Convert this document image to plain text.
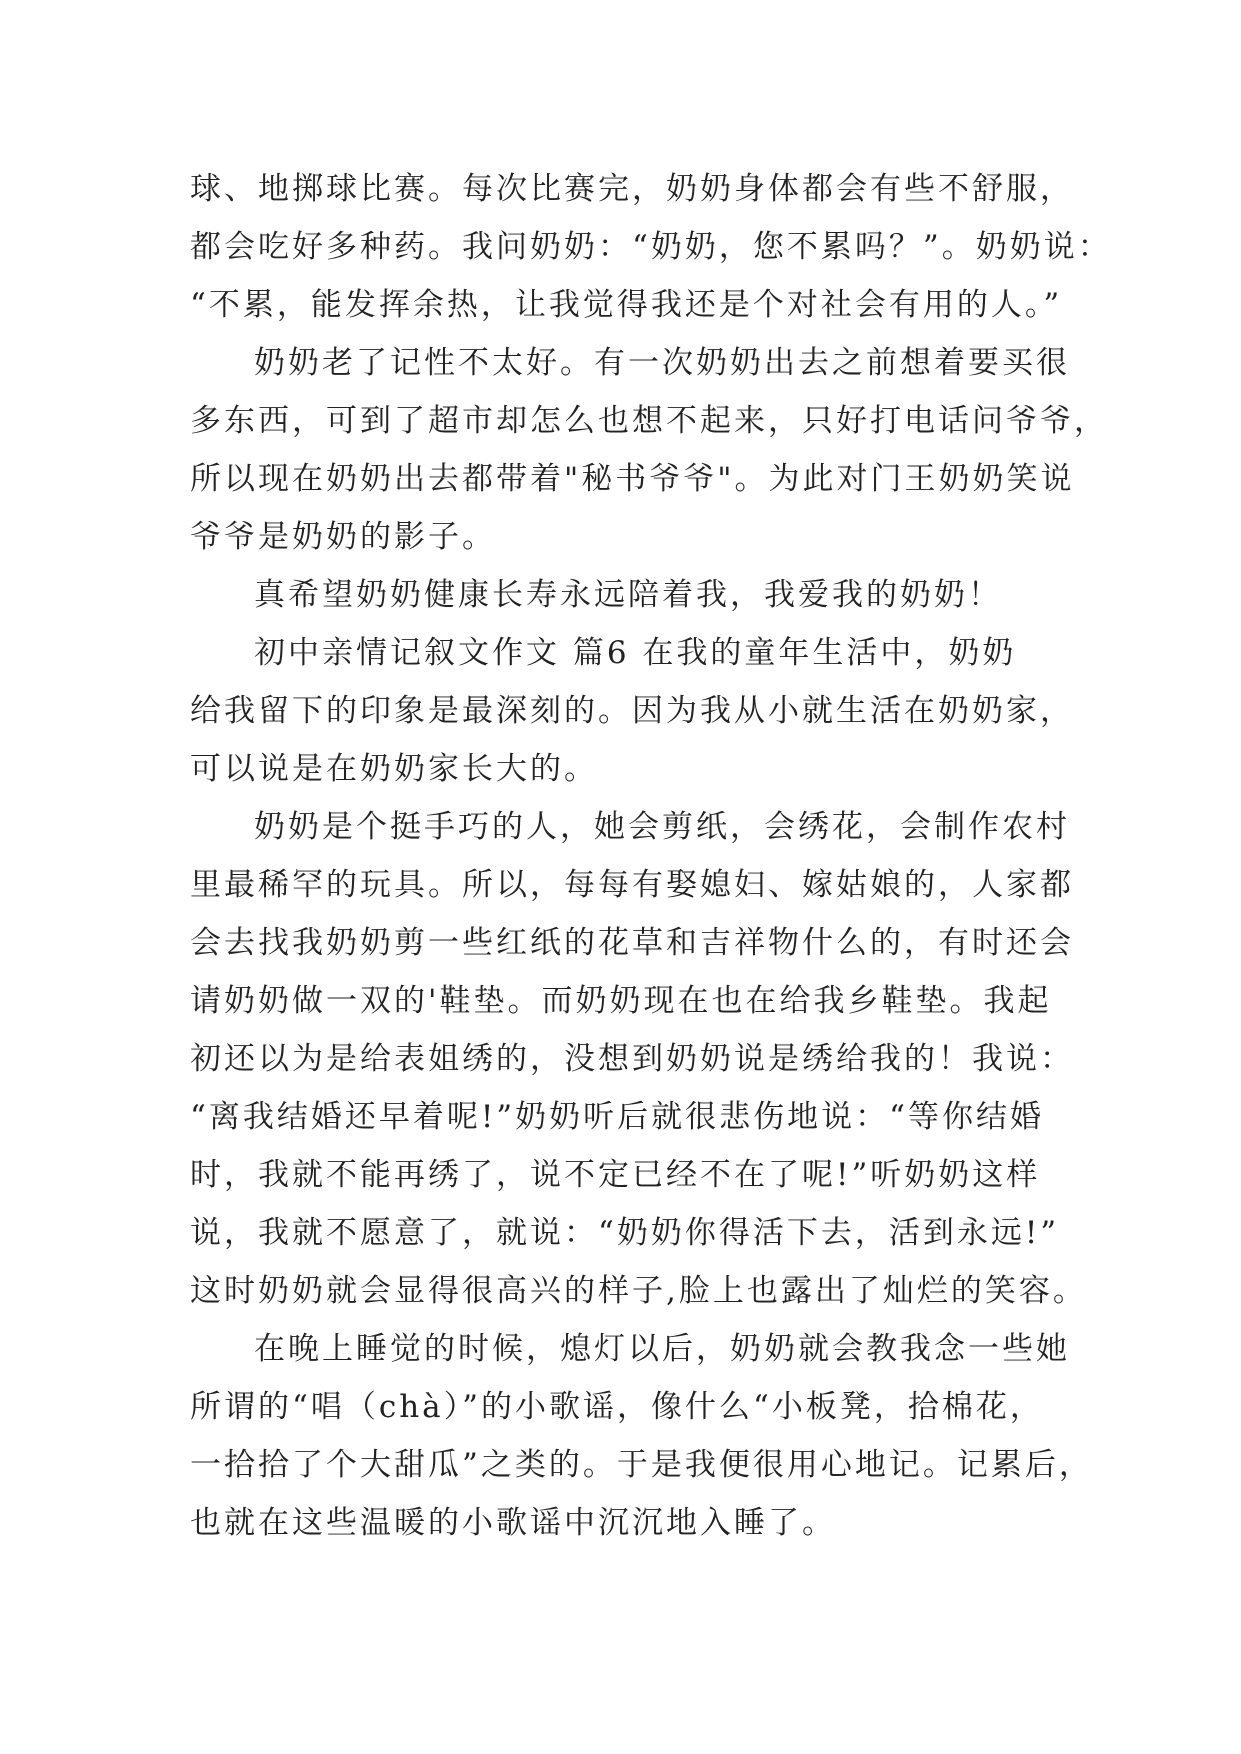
球、地掷球比赛。每次比赛完，奶奶身体都会有些不舒服，
都会吃好多种药。我问奶奶：“奶奶，您不累吗？”。奶奶说：
“不累，能发挥余热，让我觉得我还是个对社会有用的人。”
奶奶老了记性不太好。有一次奶奶出去之前想着要买很
多东西，可到了超市却怎么也想不起来，只好打电话问爷爷，
所以现在奶奶出去都带着"秘书爷爷"。为此对门王奶奶笑说
爷爷是奶奶的影子。
真希望奶奶健康长寿永远陪着我，我爱我的奶奶！
初中亲情记叙文作文 篇6 在我的童年生活中，奶奶
给我留下的印象是最深刻的。因为我从小就生活在奶奶家，
可以说是在奶奶家长大的。
奶奶是个挺手巧的人，她会剪纸，会绣花，会制作农村
里最稀罕的玩具。所以，每每有娶媳妇、嫁姑娘的，人家都
会去找我奶奶剪一些红纸的花草和吉祥物什么的，有时还会
请奶奶做一双的'鞋垫。而奶奶现在也在给我乡鞋垫。我起
初还以为是给表姐绣的，没想到奶奶说是绣给我的！我说：
“离我结婚还早着呢!”奶奶听后就很悲伤地说：“等你结婚
时，我就不能再绣了，说不定已经不在了呢!”听奶奶这样
说，我就不愿意了，就说：“奶奶你得活下去，活到永远!”
这时奶奶就会显得很高兴的样子,脸上也露出了灿烂的笑容。
在晚上睡觉的时候，熄灯以后，奶奶就会教我念一些她
所谓的“唱（chà）”的小歌谣，像什么“小板凳，拾棉花，
一拾拾了个大甜瓜”之类的。于是我便很用心地记。记累后，
也就在这些温暖的小歌谣中沉沉地入睡了。
